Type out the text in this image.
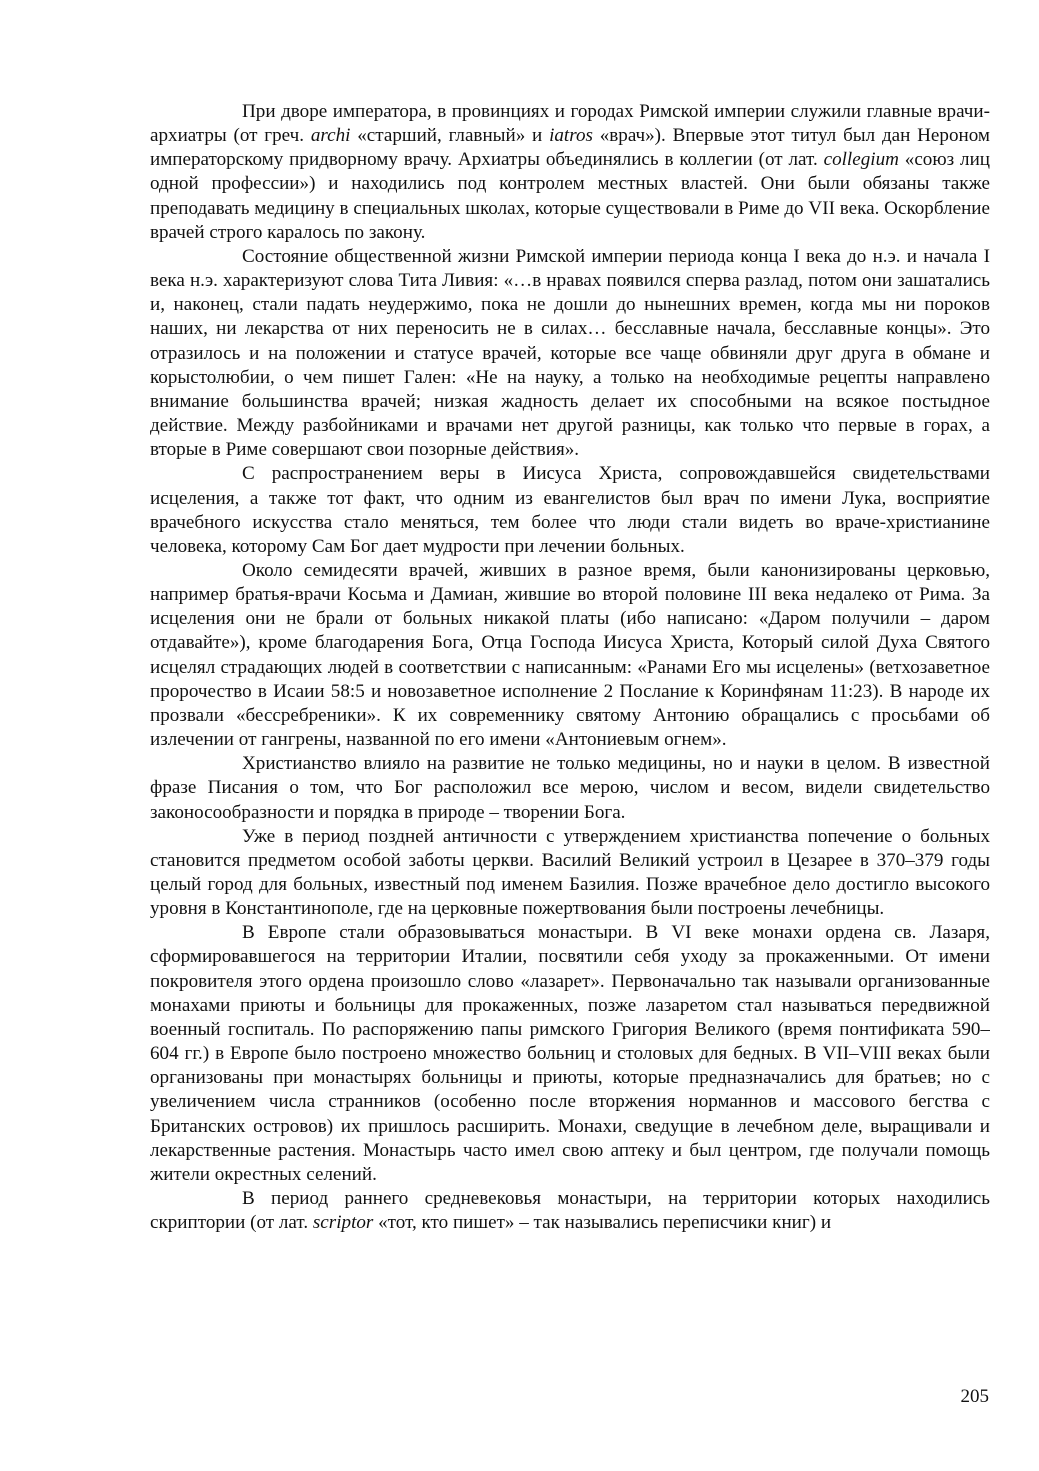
При дворе императора, в провинциях и городах Римской империи служили главные врачи-архиатры (от греч. archi «старший, главный» и iatros «врач»). Впервые этот титул был дан Нероном императорскому придворному врачу. Архиатры объединялись в коллегии (от лат. collegium «союз лиц одной профессии») и находились под контролем местных властей. Они были обязаны также преподавать медицину в специальных школах, которые существовали в Риме до VII века. Оскорбление врачей строго каралось по закону.

Состояние общественной жизни Римской империи периода конца I века до н.э. и начала I века н.э. характеризуют слова Тита Ливия: «…в нравах появился сперва разлад, потом они зашатались и, наконец, стали падать неудержимо, пока не дошли до нынешних времен, когда мы ни пороков наших, ни лекарства от них переносить не в силах… бесславные начала, бесславные концы». Это отразилось и на положении и статусе врачей, которые все чаще обвиняли друг друга в обмане и корыстолюбии, о чем пишет Гален: «Не на науку, а только на необходимые рецепты направлено внимание большинства врачей; низкая жадность делает их способными на всякое постыдное действие. Между разбойниками и врачами нет другой разницы, как только что первые в горах, а вторые в Риме совершают свои позорные действия».

С распространением веры в Иисуса Христа, сопровождавшейся свидетельствами исцеления, а также тот факт, что одним из евангелистов был врач по имени Лука, восприятие врачебного искусства стало меняться, тем более что люди стали видеть во враче-христианине человека, которому Сам Бог дает мудрости при лечении больных.

Около семидесяти врачей, живших в разное время, были канонизированы церковью, например братья-врачи Косьма и Дамиан, жившие во второй половине III века недалеко от Рима. За исцеления они не брали от больных никакой платы (ибо написано: «Даром получили – даром отдавайте»), кроме благодарения Бога, Отца Господа Иисуса Христа, Который силой Духа Святого исцелял страдающих людей в соответствии с написанным: «Ранами Его мы исцелены» (ветхозаветное пророчество в Исаии 58:5 и новозаветное исполнение 2 Послание к Коринфянам 11:23). В народе их прозвали «бессребреники». К их современнику святому Антонию обращались с просьбами об излечении от гангрены, названной по его имени «Антониевым огнем».

Христианство влияло на развитие не только медицины, но и науки в целом. В известной фразе Писания о том, что Бог расположил все мерою, числом и весом, видели свидетельство законосообразности и порядка в природе – творении Бога.

Уже в период поздней античности с утверждением христианства попечение о больных становится предметом особой заботы церкви. Василий Великий устроил в Цезарее в 370–379 годы целый город для больных, известный под именем Базилия. Позже врачебное дело достигло высокого уровня в Константинополе, где на церковные пожертвования были построены лечебницы.

В Европе стали образовываться монастыри. В VI веке монахи ордена св. Лазаря, сформировавшегося на территории Италии, посвятили себя уходу за прокаженными. От имени покровителя этого ордена произошло слово «лазарет». Первоначально так называли организованные монахами приюты и больницы для прокаженных, позже лазаретом стал называться передвижной военный госпиталь. По распоряжению папы римского Григория Великого (время понтификата 590–604 гг.) в Европе было построено множество больниц и столовых для бедных. В VII–VIII веках были организованы при монастырях больницы и приюты, которые предназначались для братьев; но с увеличением числа странников (особенно после вторжения норманнов и массового бегства с Британских островов) их пришлось расширить. Монахи, сведущие в лечебном деле, выращивали и лекарственные растения. Монастырь часто имел свою аптеку и был центром, где получали помощь жители окрестных селений.

В период раннего средневековья монастыри, на территории которых находились скриптории (от лат. scriptor «тот, кто пишет» – так назывались переписчики книг) и

205
